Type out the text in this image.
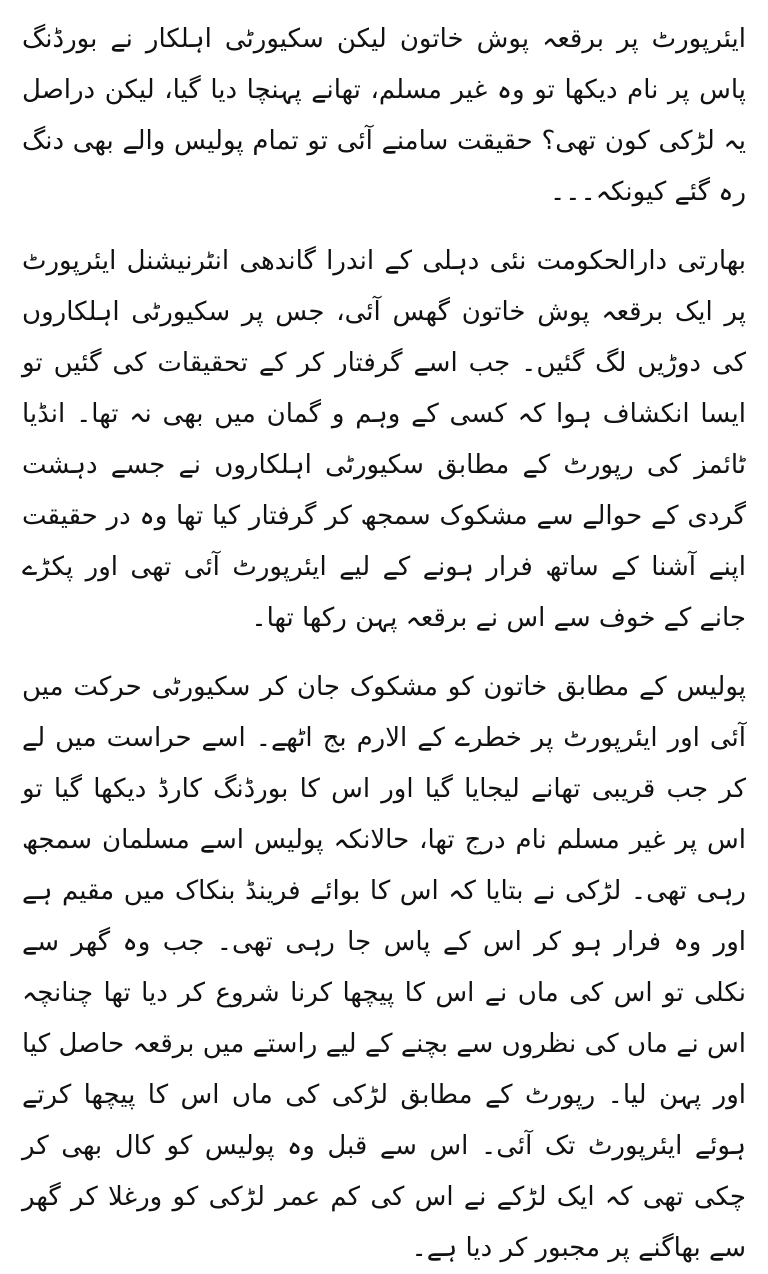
ایئرپورٹ پر برقعہ پوش خاتون لیکن سکیورٹی اہلکار نے بورڈنگ پاس پر نام دیکھا تو وہ غیر مسلم، تھانے پہنچا دیا گیا، لیکن دراصل یہ لڑکی کون تھی؟ حقیقت سامنے آئی تو تمام پولیس والے بھی دنگ رہ گئے کیونکہ۔۔۔

بھارتی دارالحکومت نئی دہلی کے اندرا گاندھی انٹرنیشنل ایئرپورٹ پر ایک برقعہ پوش خاتون گھس آئی، جس پر سکیورٹی اہلکاروں کی دوڑیں لگ گئیں۔ جب اسے گرفتار کر کے تحقیقات کی گئیں تو ایسا انکشاف ہوا کہ کسی کے وہم و گمان میں بھی نہ تھا۔ انڈیا ٹائمز کی رپورٹ کے مطابق سکیورٹی اہلکاروں نے جسے دہشت گردی کے حوالے سے مشکوک سمجھ کر گرفتار کیا تھا وہ در حقیقت اپنے آشنا کے ساتھ فرار ہونے کے لیے ایئرپورٹ آئی تھی اور پکڑے جانے کے خوف سے اس نے برقعہ پہن رکھا تھا۔

پولیس کے مطابق خاتون کو مشکوک جان کر سکیورٹی حرکت میں آئی اور ایئرپورٹ پر خطرے کے الارم بج اٹھے۔ اسے حراست میں لے کر جب قریبی تھانے لیجایا گیا اور اس کا بورڈنگ کارڈ دیکھا گیا تو اس پر غیر مسلم نام درج تھا، حالانکہ پولیس اسے مسلمان سمجھ رہی تھی۔ لڑکی نے بتایا کہ اس کا بوائے فرینڈ بنکاک میں مقیم ہے اور وہ فرار ہو کر اس کے پاس جا رہی تھی۔ جب وہ گھر سے نکلی تو اس کی ماں نے اس کا پیچھا کرنا شروع کر دیا تھا چنانچہ اس نے ماں کی نظروں سے بچنے کے لیے راستے میں برقعہ حاصل کیا اور پہن لیا۔ رپورٹ کے مطابق لڑکی کی ماں اس کا پیچھا کرتے ہوئے ایئرپورٹ تک آئی۔ اس سے قبل وہ پولیس کو کال بھی کر چکی تھی کہ ایک لڑکے نے اس کی کم عمر لڑکی کو ورغلا کر گھر سے بھاگنے پر مجبور کر دیا ہے۔
